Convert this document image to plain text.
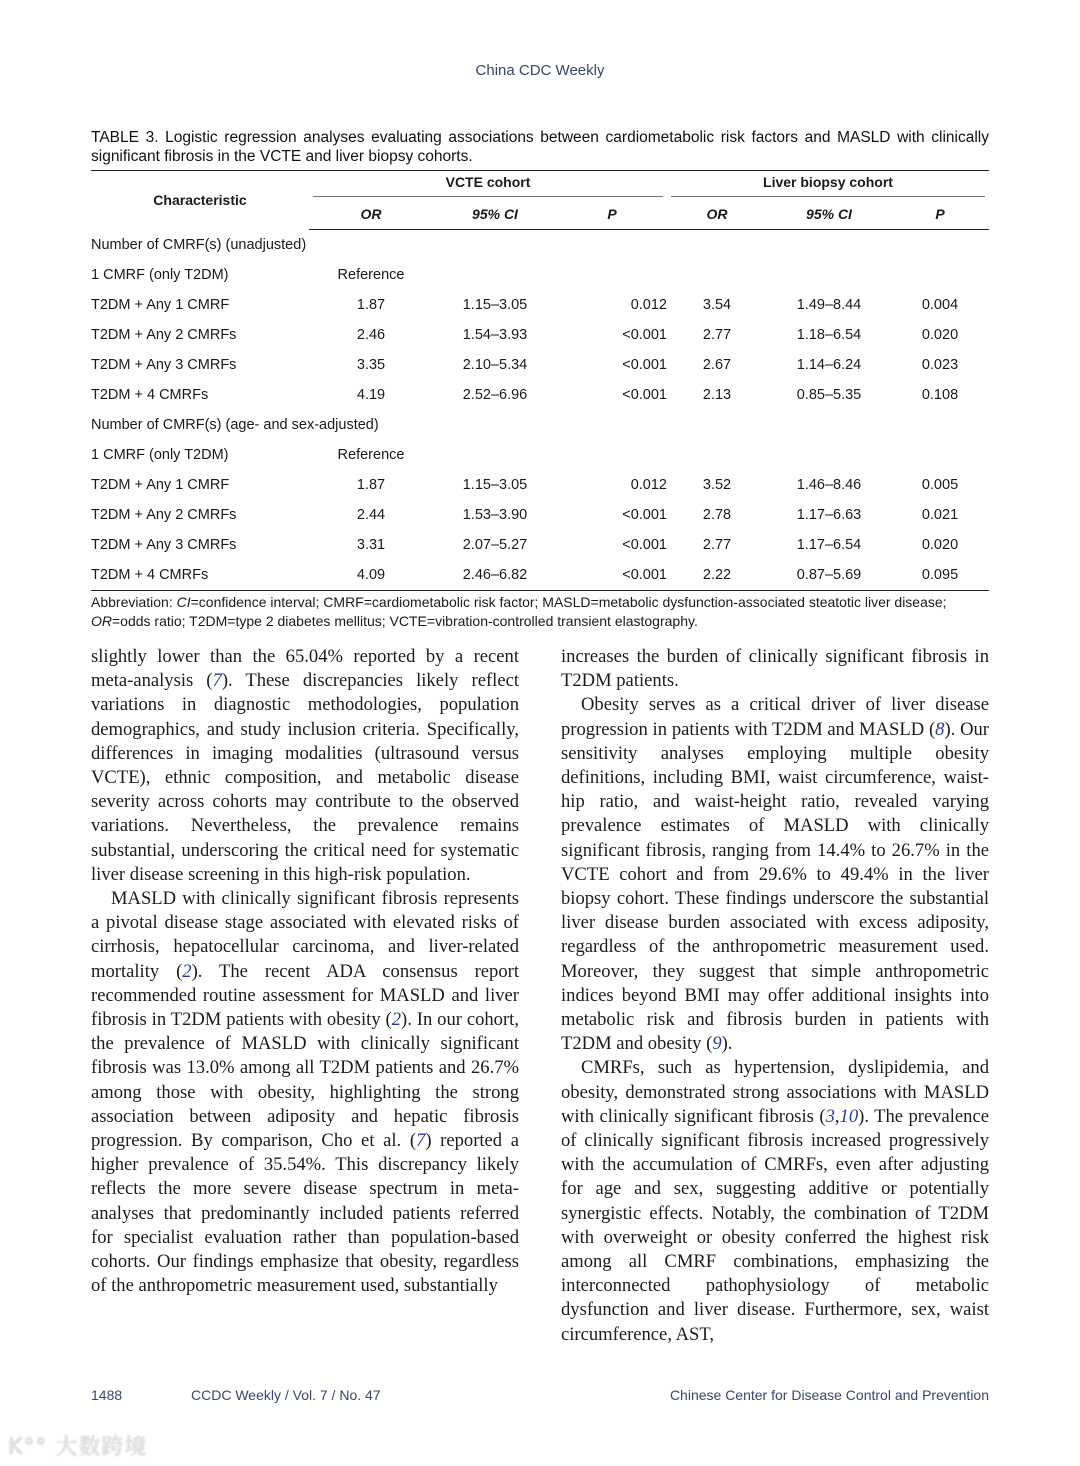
China CDC Weekly
TABLE 3. Logistic regression analyses evaluating associations between cardiometabolic risk factors and MASLD with clinically significant fibrosis in the VCTE and liver biopsy cohorts.
Characteristic	VCTE cohort			Liver biopsy cohort		

	OR	95% CI	P	OR	95% CI	P
Number of CMRF(s) (unadjusted)						
1 CMRF (only T2DM)	Reference					
T2DM + Any 1 CMRF	1.87	1.15–3.05	0.012	3.54	1.49–8.44	0.004
T2DM + Any 2 CMRFs	2.46	1.54–3.93	<0.001	2.77	1.18–6.54	0.020
T2DM + Any 3 CMRFs	3.35	2.10–5.34	<0.001	2.67	1.14–6.24	0.023
T2DM + 4 CMRFs	4.19	2.52–6.96	<0.001	2.13	0.85–5.35	0.108
Number of CMRF(s) (age- and sex-adjusted)						
1 CMRF (only T2DM)	Reference					
T2DM + Any 1 CMRF	1.87	1.15–3.05	0.012	3.52	1.46–8.46	0.005
T2DM + Any 2 CMRFs	2.44	1.53–3.90	<0.001	2.78	1.17–6.63	0.021
T2DM + Any 3 CMRFs	3.31	2.07–5.27	<0.001	2.77	1.17–6.54	0.020
T2DM + 4 CMRFs	4.09	2.46–6.82	<0.001	2.22	0.87–5.69	0.095
Abbreviation: CI=confidence interval; CMRF=cardiometabolic risk factor; MASLD=metabolic dysfunction-associated steatotic liver disease; OR=odds ratio; T2DM=type 2 diabetes mellitus; VCTE=vibration-controlled transient elastography.

slightly lower than the 65.04% reported by a recent meta-analysis (7). These discrepancies likely reflect variations in diagnostic methodologies, population demographics, and study inclusion criteria. Specifically, differences in imaging modalities (ultrasound versus VCTE), ethnic composition, and metabolic disease severity across cohorts may contribute to the observed variations. Nevertheless, the prevalence remains substantial, underscoring the critical need for systematic liver disease screening in this high-risk population.

MASLD with clinically significant fibrosis represents a pivotal disease stage associated with elevated risks of cirrhosis, hepatocellular carcinoma, and liver-related mortality (2). The recent ADA consensus report recommended routine assessment for MASLD and liver fibrosis in T2DM patients with obesity (2). In our cohort, the prevalence of MASLD with clinically significant fibrosis was 13.0% among all T2DM patients and 26.7% among those with obesity, highlighting the strong association between adiposity and hepatic fibrosis progression. By comparison, Cho et al. (7) reported a higher prevalence of 35.54%. This discrepancy likely reflects the more severe disease spectrum in meta-analyses that predominantly included patients referred for specialist evaluation rather than population-based cohorts. Our findings emphasize that obesity, regardless of the anthropometric measurement used, substantially

increases the burden of clinically significant fibrosis in T2DM patients.

Obesity serves as a critical driver of liver disease progression in patients with T2DM and MASLD (8). Our sensitivity analyses employing multiple obesity definitions, including BMI, waist circumference, waist-hip ratio, and waist-height ratio, revealed varying prevalence estimates of MASLD with clinically significant fibrosis, ranging from 14.4% to 26.7% in the VCTE cohort and from 29.6% to 49.4% in the liver biopsy cohort. These findings underscore the substantial liver disease burden associated with excess adiposity, regardless of the anthropometric measurement used. Moreover, they suggest that simple anthropometric indices beyond BMI may offer additional insights into metabolic risk and fibrosis burden in patients with T2DM and obesity (9).

CMRFs, such as hypertension, dyslipidemia, and obesity, demonstrated strong associations with MASLD with clinically significant fibrosis (3,10). The prevalence of clinically significant fibrosis increased progressively with the accumulation of CMRFs, even after adjusting for age and sex, suggesting additive or potentially synergistic effects. Notably, the combination of T2DM with overweight or obesity conferred the highest risk among all CMRF combinations, emphasizing the interconnected pathophysiology of metabolic dysfunction and liver disease. Furthermore, sex, waist circumference, AST,

1488	CCDC Weekly / Vol. 7 / No. 47	Chinese Center for Disease Control and Prevention
K°° 大数跨境
